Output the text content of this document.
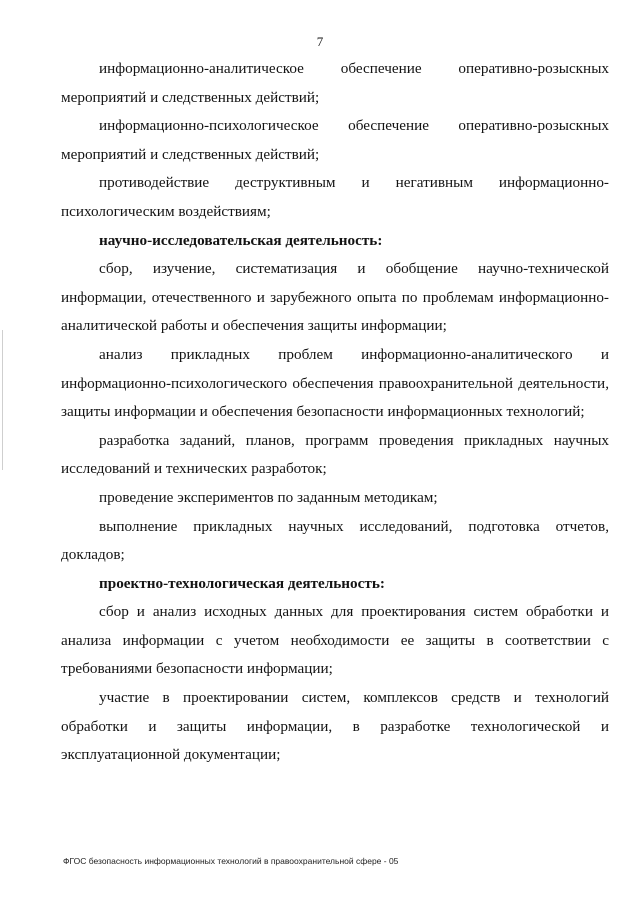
7

информационно-аналитическое обеспечение оперативно-розыскных мероприятий и следственных действий;

информационно-психологическое обеспечение оперативно-розыскных мероприятий и следственных действий;

противодействие деструктивным и негативным информационно-психологическим воздействиям;

научно-исследовательская деятельность:

сбор, изучение, систематизация и обобщение научно-технической информации, отечественного и зарубежного опыта по проблемам информационно-аналитической работы и обеспечения защиты информации;

анализ прикладных проблем информационно-аналитического и информационно-психологического обеспечения правоохранительной деятельности, защиты информации и обеспечения безопасности информационных технологий;

разработка заданий, планов, программ проведения прикладных научных исследований и технических разработок;

проведение экспериментов по заданным методикам;

выполнение прикладных научных исследований, подготовка отчетов, докладов;

проектно-технологическая деятельность:

сбор и анализ исходных данных для проектирования систем обработки и анализа информации с учетом необходимости ее защиты в соответствии с требованиями безопасности информации;

участие в проектировании систем, комплексов средств и технологий обработки и защиты информации, в разработке технологической и эксплуатационной документации;

ФГОС безопасность информационных технологий в правоохранительной сфере - 05
